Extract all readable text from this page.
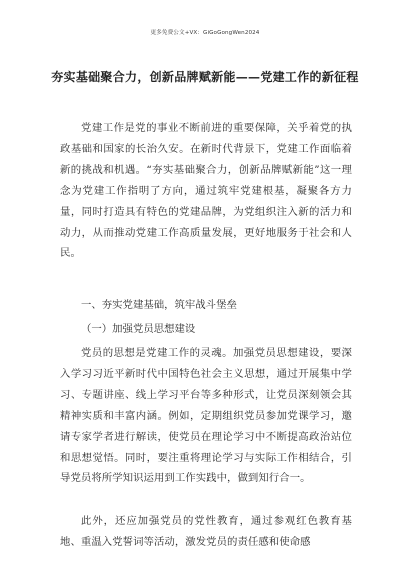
更多免费公文+VX：GiGoGongWen2024
夯实基础聚合力，创新品牌赋新能——党建工作的新征程
党建工作是党的事业不断前进的重要保障，关乎着党的执政基础和国家的长治久安。在新时代背景下，党建工作面临着新的挑战和机遇。“夯实基础聚合力，创新品牌赋新能”这一理念为党建工作指明了方向，通过筑牢党建根基，凝聚各方力量，同时打造具有特色的党建品牌，为党组织注入新的活力和动力，从而推动党建工作高质量发展，更好地服务于社会和人民。
一、夯实党建基础，筑牢战斗堡垒
（一）加强党员思想建设
党员的思想是党建工作的灵魂。加强党员思想建设，要深入学习习近平新时代中国特色社会主义思想，通过开展集中学习、专题讲座、线上学习平台等多种形式，让党员深刻领会其精神实质和丰富内涵。例如，定期组织党员参加党课学习，邀请专家学者进行解读，使党员在理论学习中不断提高政治站位和思想觉悟。同时，要注重将理论学习与实际工作相结合，引导党员将所学知识运用到工作实践中，做到知行合一。
此外，还应加强党员的党性教育，通过参观红色教育基地、重温入党誓词等活动，激发党员的责任感和使命感
